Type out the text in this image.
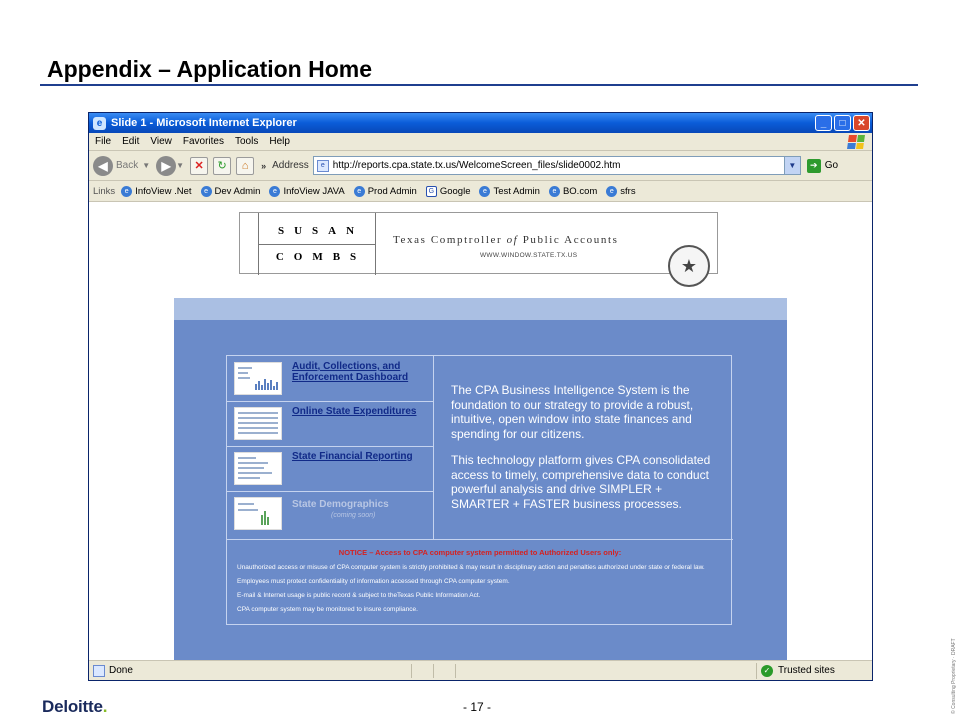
Appendix – Application Home
e Slide 1 - Microsoft Internet Explorer	_	□	✕
File Edit View Favorites Tools Help
◀ Back ▼ ▶ ▼ ✕	↻	⌂	» Address	e http://reports.cpa.state.tx.us/WelcomeScreen_files/slide0002.htm	▼	➔ Go
Links	e InfoView .Net	e Dev Admin	e InfoView JAVA	e Prod Admin	G Google	e Test Admin	e BO.com	e sfrs
SUSAN
COMBS
Texas Comptroller of Public Accounts
WWW.WINDOW.STATE.TX.US	★
Audit, Collections, and Enforcement Dashboard
Online State Expenditures
State Financial Reporting
State Demographics
(coming soon)

The CPA Business Intelligence System is the foundation to our strategy to provide a robust, intuitive, open window into state finances and spending for our citizens.

This technology platform gives CPA consolidated access to timely, comprehensive data to conduct powerful analysis and drive SIMPLER + SMARTER + FASTER business processes.

NOTICE – Access to CPA computer system permitted to Authorized Users only:
Unauthorized access or misuse of CPA computer system is strictly prohibited & may result in disciplinary action and penalties authorized under state or federal law.
Employees must protect confidentiality of information accessed through CPA computer system.
E-mail & Internet usage is public record & subject to theTexas Public Information Act.
CPA computer system may be monitored to insure compliance.
Done	✓ Trusted sites
Deloitte.	- 17 -	© Consulting Proprietary · DRAFT
